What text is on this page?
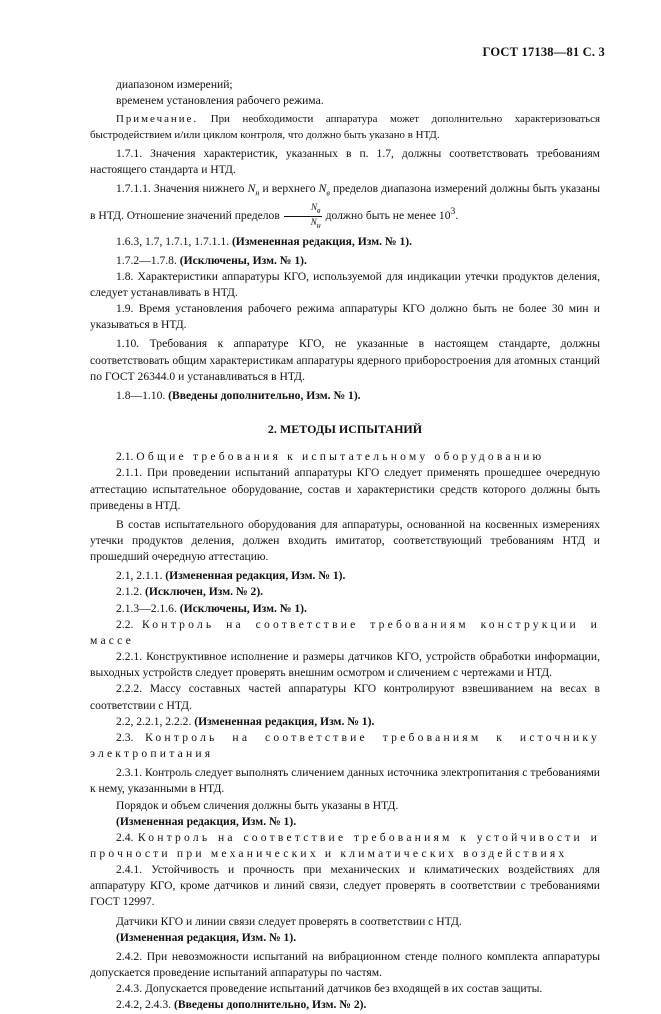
ГОСТ 17138—81 С. 3

диапазоном измерений;

временем установления рабочего режима.

Примечание. При необходимости аппаратура может дополнительно характеризоваться быстродействием и/или циклом контроля, что должно быть указано в НТД.

1.7.1. Значения характеристик, указанных в п. 1.7, должны соответствовать требованиям настоящего стандарта и НТД.

1.7.1.1. Значения нижнего $N_н$ и верхнего $N_в$ пределов диапазона измерений должны быть указаны в НТД. Отношение значений пределов $\frac{N_в}{N_н}$ должно быть не менее $10^3$.

1.6.3, 1.7, 1.7.1, 1.7.1.1. (Измененная редакция, Изм. № 1).

1.7.2—1.7.8. (Исключены, Изм. № 1).

1.8. Характеристики аппаратуры КГО, используемой для индикации утечки продуктов деления, следует устанавливать в НТД.

1.9. Время установления рабочего режима аппаратуры КГО должно быть не более 30 мин и указываться в НТД.

1.10. Требования к аппаратуре КГО, не указанные в настоящем стандарте, должны соответствовать общим характеристикам аппаратуры ядерного приборостроения для атомных станций по ГОСТ 26344.0 и устанавливаться в НТД.

1.8—1.10. (Введены дополнительно, Изм. № 1).

2. МЕТОДЫ ИСПЫТАНИЙ

2.1. Общие требования к испытательному оборудованию

2.1.1. При проведении испытаний аппаратуры КГО следует применять прошедшее очередную аттестацию испытательное оборудование, состав и характеристики средств которого должны быть приведены в НТД.

В состав испытательного оборудования для аппаратуры, основанной на косвенных измерениях утечки продуктов деления, должен входить имитатор, соответствующий требованиям НТД и прошедший очередную аттестацию.

2.1, 2.1.1. (Измененная редакция, Изм. № 1).

2.1.2. (Исключен, Изм. № 2).

2.1.3—2.1.6. (Исключены, Изм. № 1).

2.2. Контроль на соответствие требованиям конструкции и массе

2.2.1. Конструктивное исполнение и размеры датчиков КГО, устройств обработки информации, выходных устройств следует проверять внешним осмотром и сличением с чертежами и НТД.

2.2.2. Массу составных частей аппаратуры КГО контролируют взвешиванием на весах в соответствии с НТД.

2.2, 2.2.1, 2.2.2. (Измененная редакция, Изм. № 1).

2.3. Контроль на соответствие требованиям к источнику электропитания

2.3.1. Контроль следует выполнять сличением данных источника электропитания с требованиями к нему, указанными в НТД.

Порядок и объем сличения должны быть указаны в НТД.

(Измененная редакция, Изм. № 1).

2.4. Контроль на соответствие требованиям к устойчивости и прочности при механических и климатических воздействиях

2.4.1. Устойчивость и прочность при механических и климатических воздействиях для аппаратуру КГО, кроме датчиков и линий связи, следует проверять в соответствии с требованиями ГОСТ 12997.

Датчики КГО и линии связи следует проверять в соответствии с НТД.

(Измененная редакция, Изм. № 1).

2.4.2. При невозможности испытаний на вибрационном стенде полного комплекта аппаратуры допускается проведение испытаний аппаратуры по частям.

2.4.3. Допускается проведение испытаний датчиков без входящей в их состав защиты.

2.4.2, 2.4.3. (Введены дополнительно, Изм. № 2).
